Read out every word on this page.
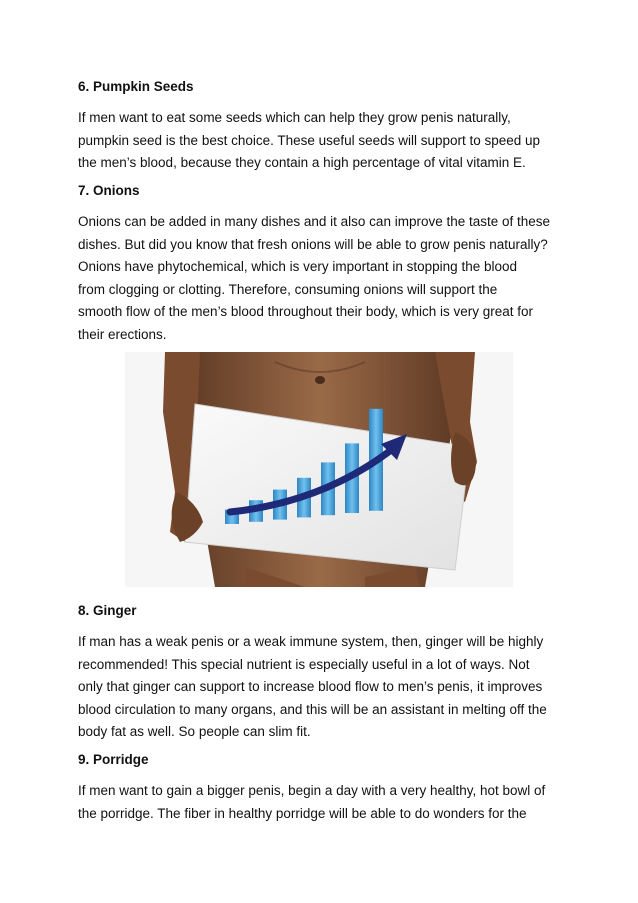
6. Pumpkin Seeds

If men want to eat some seeds which can help they grow penis naturally,

pumpkin seed is the best choice. These useful seeds will support to speed up

the men’s blood, because they contain a high percentage of vital vitamin E.

7. Onions

Onions can be added in many dishes and it also can improve the taste of these

dishes. But did you know that fresh onions will be able to grow penis naturally?

Onions have phytochemical, which is very important in stopping the blood

from clogging or clotting. Therefore, consuming onions will support the

smooth flow of the men’s blood throughout their body, which is very great for

their erections.

8. Ginger

If man has a weak penis or a weak immune system, then, ginger will be highly

recommended! This special nutrient is especially useful in a lot of ways. Not

only that ginger can support to increase blood flow to men’s penis, it improves

blood circulation to many organs, and this will be an assistant in melting off the

body fat as well. So people can slim fit.

9. Porridge

If men want to gain a bigger penis, begin a day with a very healthy, hot bowl of

the porridge. The fiber in healthy porridge will be able to do wonders for the
